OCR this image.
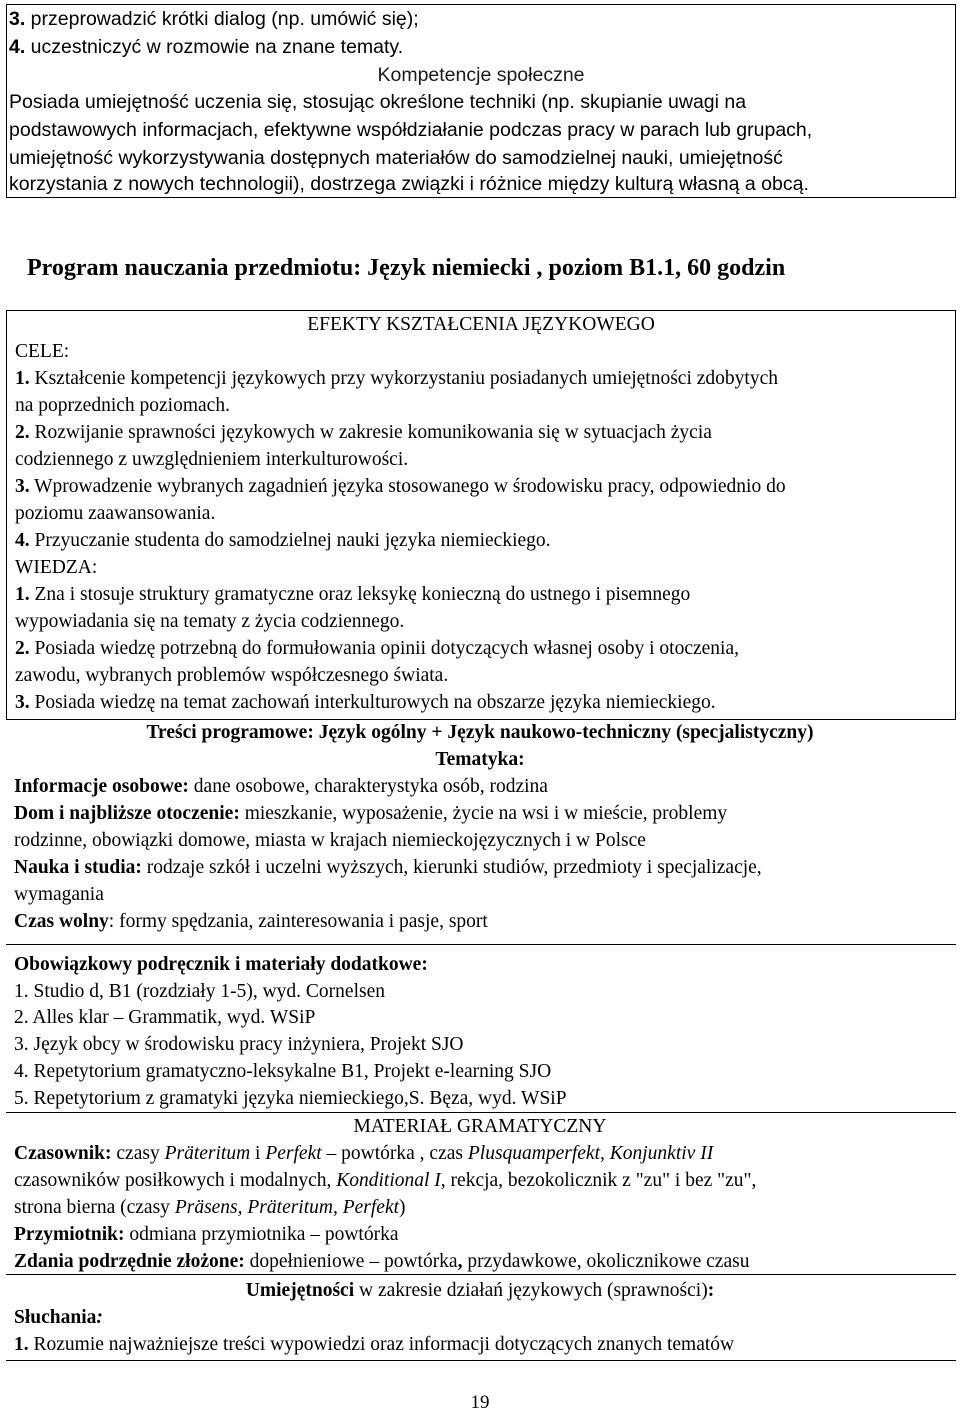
3. przeprowadzić krótki dialog (np. umówić się);
4. uczestniczyć w rozmowie na znane tematy.
Kompetencje społeczne
Posiada umiejętność uczenia się, stosując określone techniki (np. skupianie uwagi na
podstawowych informacjach, efektywne współdziałanie podczas pracy w parach lub grupach,
umiejętność wykorzystywania dostępnych materiałów do samodzielnej nauki, umiejętność
korzystania z nowych technologii), dostrzega związki i różnice między kulturą własną a obcą.
Program nauczania przedmiotu: Język niemiecki , poziom B1.1, 60 godzin
EFEKTY KSZTAŁCENIA JĘZYKOWEGO
CELE:
1. Kształcenie kompetencji językowych przy wykorzystaniu posiadanych umiejętności zdobytych
na poprzednich poziomach.
2. Rozwijanie sprawności językowych w zakresie komunikowania się w sytuacjach życia
codziennego z uwzględnieniem interkulturowości.
3. Wprowadzenie wybranych zagadnień języka stosowanego w środowisku pracy, odpowiednio do
poziomu zaawansowania.
4. Przyuczanie studenta do samodzielnej nauki języka niemieckiego.
WIEDZA:
1. Zna i stosuje struktury gramatyczne oraz leksykę konieczną do ustnego i pisemnego
wypowiadania się na tematy z życia codziennego.
2. Posiada wiedzę potrzebną do formułowania opinii dotyczących własnej osoby i otoczenia,
zawodu, wybranych problemów współczesnego świata.
3. Posiada wiedzę na temat zachowań interkulturowych na obszarze języka niemieckiego.
Treści programowe: Język ogólny + Język naukowo-techniczny (specjalistyczny)
Tematyka:
Informacje osobowe: dane osobowe, charakterystyka osób, rodzina
Dom i najbliższe otoczenie: mieszkanie, wyposażenie, życie na wsi i w mieście, problemy
rodzinne, obowiązki domowe, miasta w krajach niemieckojęzycznych i w Polsce
Nauka i studia: rodzaje szkół i uczelni wyższych, kierunki studiów, przedmioty i specjalizacje,
wymagania
Czas wolny: formy spędzania, zainteresowania i pasje, sport
Obowiązkowy podręcznik i materiały dodatkowe:
1. Studio d, B1 (rozdziały 1-5), wyd. Cornelsen
2. Alles klar – Grammatik, wyd. WSiP
3. Język obcy w środowisku pracy inżyniera, Projekt SJO
4. Repetytorium gramatyczno-leksykalne B1, Projekt e-learning SJO
5. Repetytorium z gramatyki języka niemieckiego,S. Bęza, wyd. WSiP
MATERIAŁ GRAMATYCZNY
Czasownik: czasy Präteritum i Perfekt – powtórka , czas Plusquamperfekt, Konjunktiv II
czasowników posiłkowych i modalnych, Konditional I, rekcja, bezokolicznik z "zu" i bez "zu",
strona bierna (czasy Präsens, Präteritum, Perfekt)
Przymiotnik: odmiana przymiotnika – powtórka
Zdania podrzędnie złożone: dopełnieniowe – powtórka, przydawkowe, okolicznikowe czasu
Umiejętności w zakresie działań językowych (sprawności):
Słuchania:
1. Rozumie najważniejsze treści wypowiedzi oraz informacji dotyczących znanych tematów
19
